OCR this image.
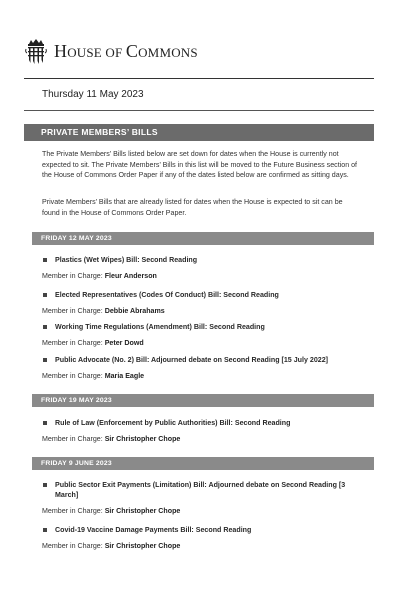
HOUSE OF COMMONS
Thursday 11 May 2023
PRIVATE MEMBERS’ BILLS
The Private Members’ Bills listed below are set down for dates when the House is currently not expected to sit. The Private Members’ Bills in this list will be moved to the Future Business section of the House of Commons Order Paper if any of the dates listed below are confirmed as sitting days.
Private Members’ Bills that are already listed for dates when the House is expected to sit can be found in the House of Commons Order Paper.
FRIDAY 12 MAY 2023
Plastics (Wet Wipes) Bill: Second Reading
Member in Charge: Fleur Anderson
Elected Representatives (Codes Of Conduct) Bill: Second Reading
Member in Charge: Debbie Abrahams
Working Time Regulations (Amendment) Bill: Second Reading
Member in Charge: Peter Dowd
Public Advocate (No. 2) Bill: Adjourned debate on Second Reading [15 July 2022]
Member in Charge: Maria Eagle
FRIDAY 19 MAY 2023
Rule of Law (Enforcement by Public Authorities) Bill: Second Reading
Member in Charge: Sir Christopher Chope
FRIDAY 9 JUNE 2023
Public Sector Exit Payments (Limitation) Bill: Adjourned debate on Second Reading [3 March]
Member in Charge: Sir Christopher Chope
Covid-19 Vaccine Damage Payments Bill: Second Reading
Member in Charge: Sir Christopher Chope
